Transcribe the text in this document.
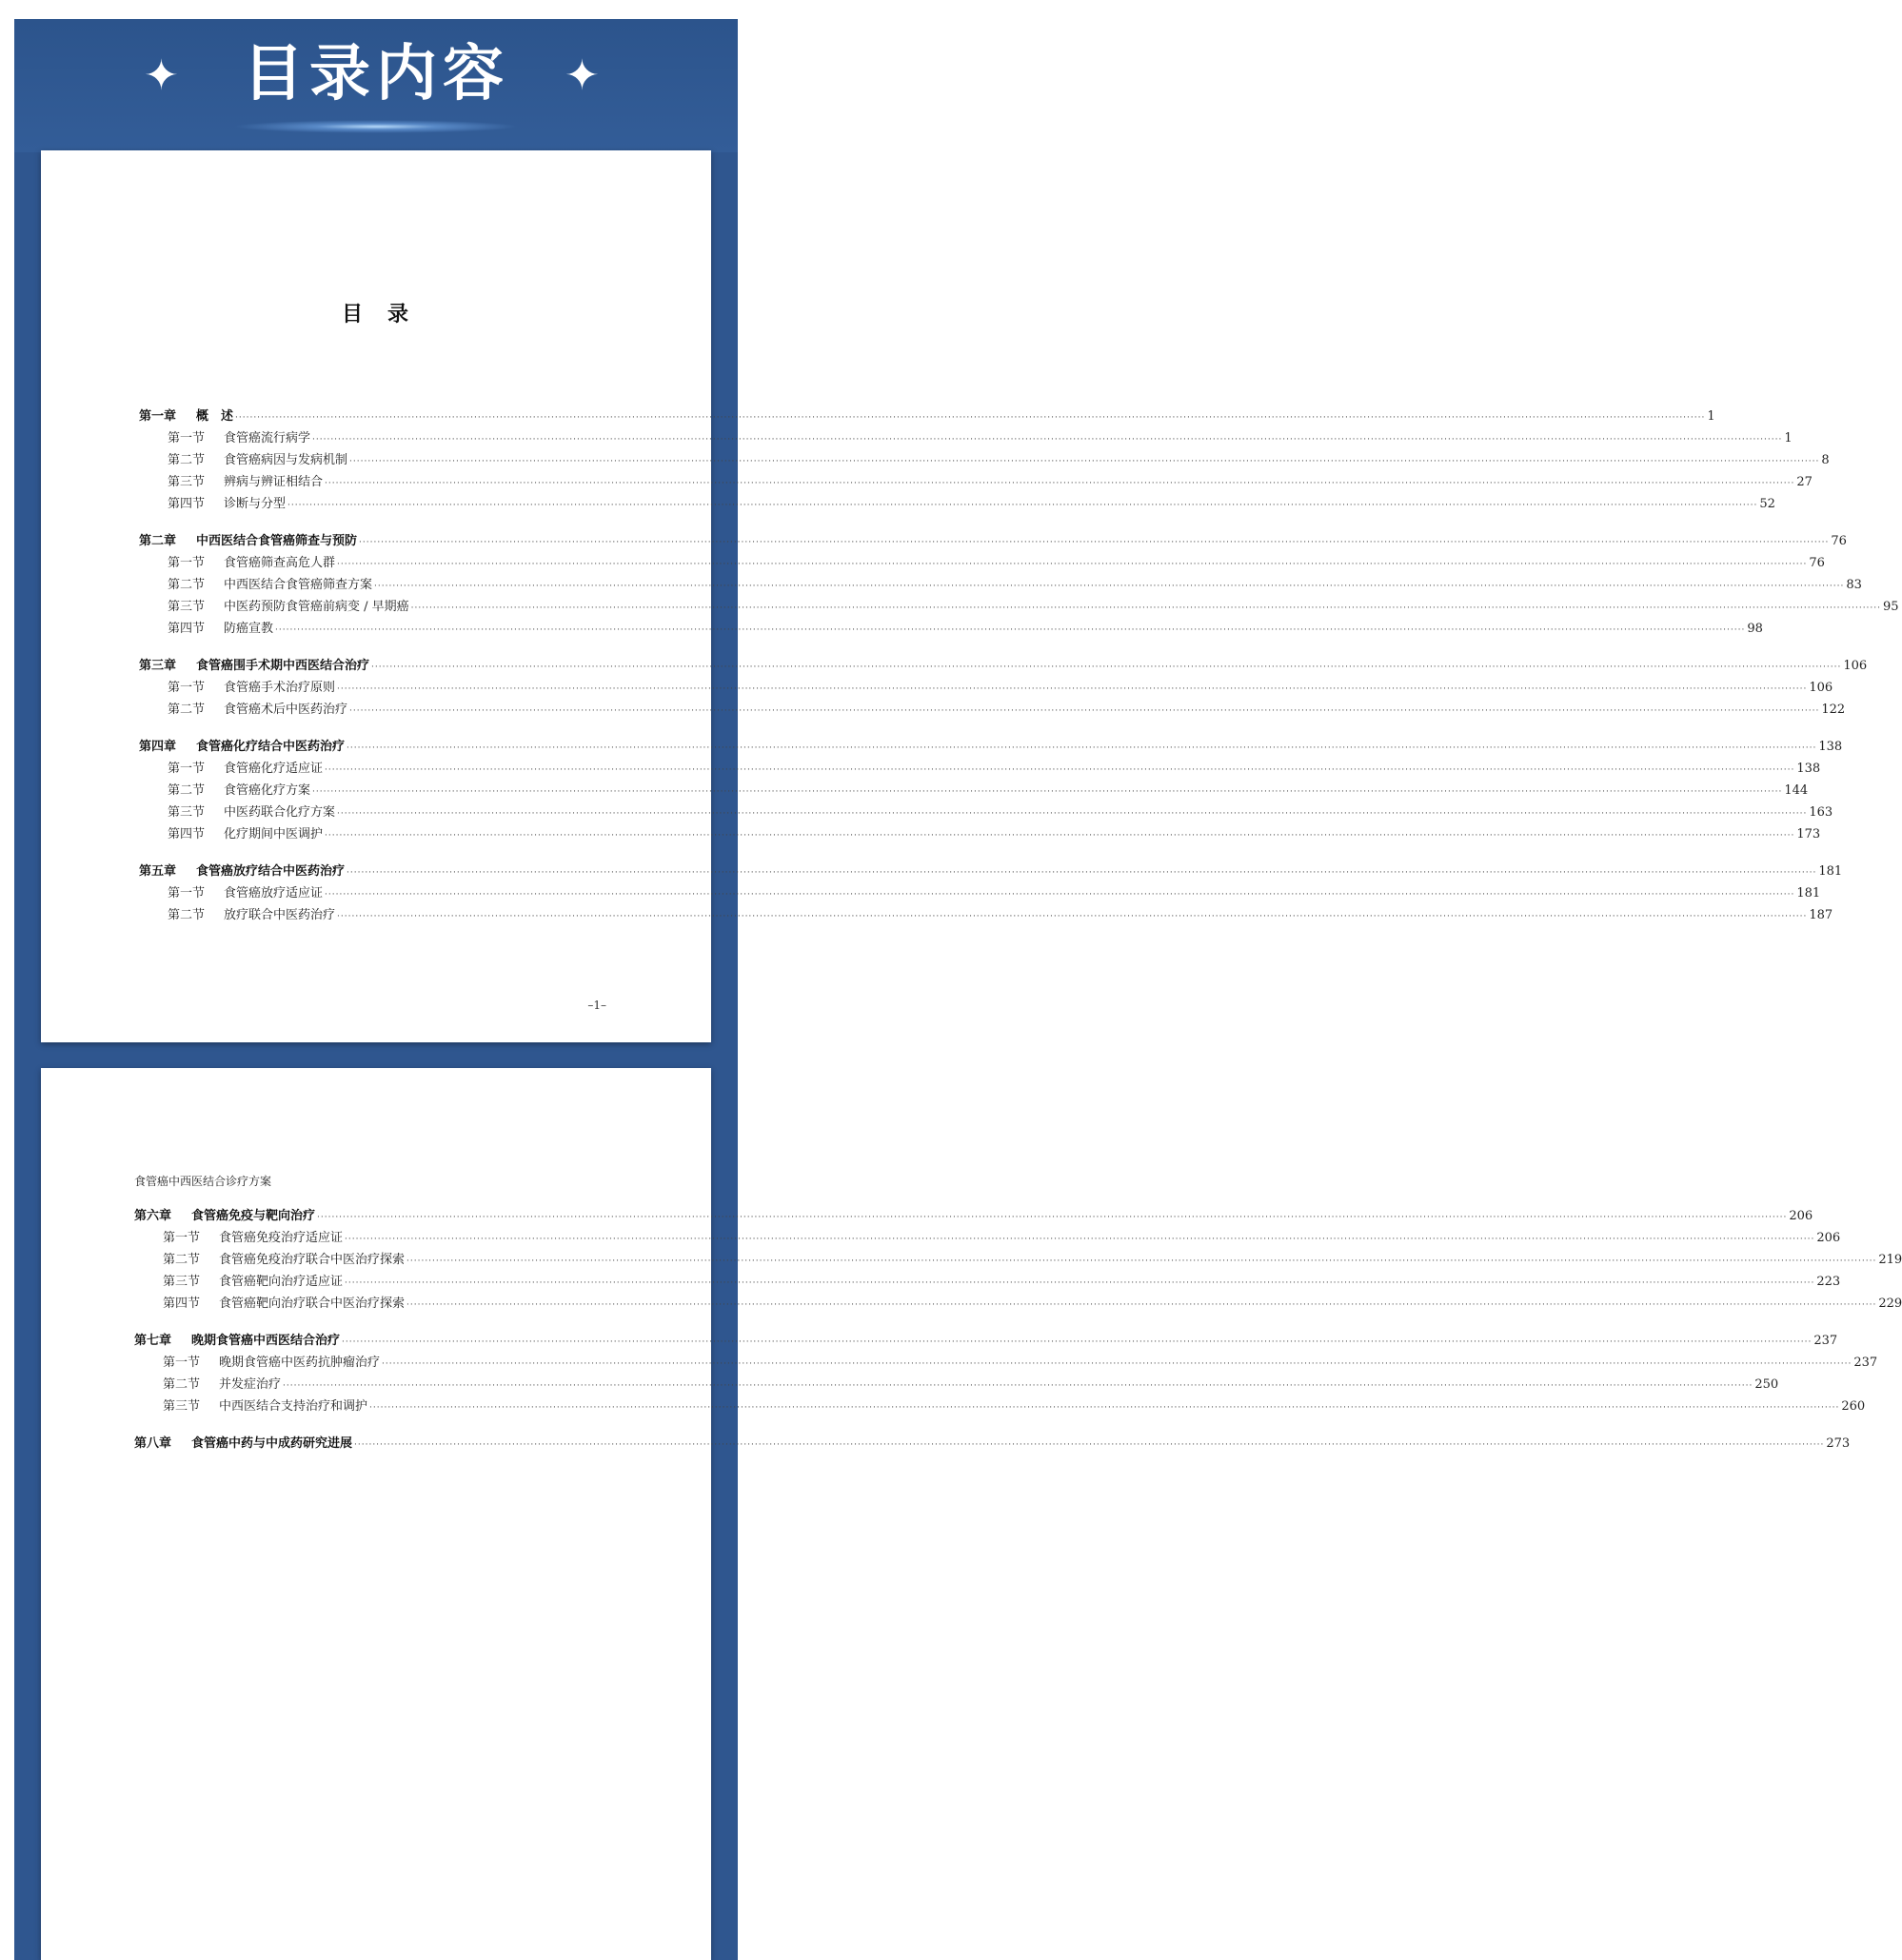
✦	目录内容	✦
目　录
第一章	概　述 ················································································································································································································································································································································································································ 1
第一节	食管癌流行病学 ················································································································································································································································································································································································································ 1
第二节	食管癌病因与发病机制 ················································································································································································································································································································································································································ 8
第三节	辨病与辨证相结合 ················································································································································································································································································································································································································ 27
第四节	诊断与分型 ················································································································································································································································································································································································································ 52
第二章	中西医结合食管癌筛查与预防 ················································································································································································································································································································································································································ 76
第一节	食管癌筛查高危人群 ················································································································································································································································································································································································································ 76
第二节	中西医结合食管癌筛查方案 ················································································································································································································································································································································································································ 83
第三节	中医药预防食管癌前病变 / 早期癌 ················································································································································································································································································································································································································ 95
第四节	防癌宣教 ················································································································································································································································································································································································································ 98
第三章	食管癌围手术期中西医结合治疗 ················································································································································································································································································································································································································ 106
第一节	食管癌手术治疗原则 ················································································································································································································································································································································································································ 106
第二节	食管癌术后中医药治疗 ················································································································································································································································································································································································································ 122
第四章	食管癌化疗结合中医药治疗 ················································································································································································································································································································································································································ 138
第一节	食管癌化疗适应证 ················································································································································································································································································································································································································ 138
第二节	食管癌化疗方案 ················································································································································································································································································································································································································ 144
第三节	中医药联合化疗方案 ················································································································································································································································································································································································································ 163
第四节	化疗期间中医调护 ················································································································································································································································································································································································································ 173
第五章	食管癌放疗结合中医药治疗 ················································································································································································································································································································································································································ 181
第一节	食管癌放疗适应证 ················································································································································································································································································································································································································ 181
第二节	放疗联合中医药治疗 ················································································································································································································································································································································································································ 187
–1–
食管癌中西医结合诊疗方案
第六章	食管癌免疫与靶向治疗 ················································································································································································································································································································································································································ 206
第一节	食管癌免疫治疗适应证 ················································································································································································································································································································································································································ 206
第二节	食管癌免疫治疗联合中医治疗探索 ················································································································································································································································································································································································································ 219
第三节	食管癌靶向治疗适应证 ················································································································································································································································································································································································································ 223
第四节	食管癌靶向治疗联合中医治疗探索 ················································································································································································································································································································································································································ 229
第七章	晚期食管癌中西医结合治疗 ················································································································································································································································································································································································································ 237
第一节	晚期食管癌中医药抗肿瘤治疗 ················································································································································································································································································································································································································ 237
第二节	并发症治疗 ················································································································································································································································································································································································································ 250
第三节	中西医结合支持治疗和调护 ················································································································································································································································································································································································································ 260
第八章	食管癌中药与中成药研究进展 ················································································································································································································································································································································································································ 273
